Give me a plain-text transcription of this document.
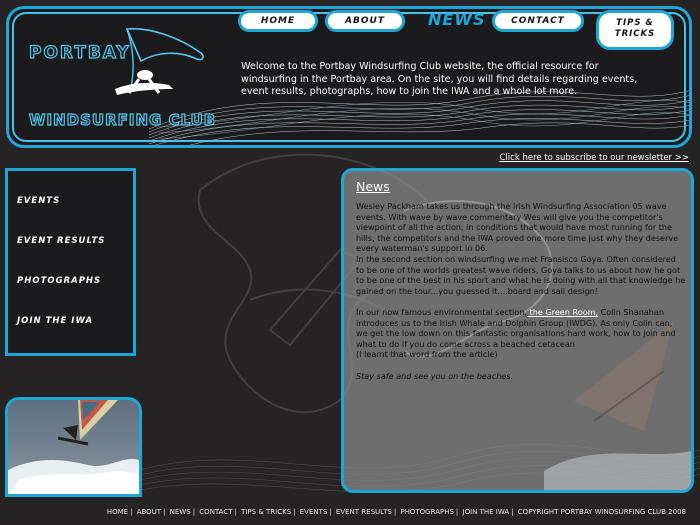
PORTBAY
WINDSURFING CLUB
Welcome to the Portbay Windsurfing Club website, the official resource for windsurfing in the Portbay area. On the site, you will find details regarding events, event results, photographs, how to join the IWA and a whole lot more.
HOME	ABOUT	NEWS	CONTACT	TIPS &
TRICKS
Click here to subscribe to our newsletter >>
EVENTS
EVENT RESULTS
PHOTOGRAPHS
JOIN THE IWA
News

Wesley Packham takes us through the Irish Windsurfing Association 05 wave events. With wave by wave commentary Wes will give you the competitor's viewpoint of all the action, in conditions that would have most running for the hills, the competitors and the IWA proved one more time just why they deserve every waterman's support in 06.

In the second section on windsurfing we met Fransisco Goya. Often considered to be one of the worlds greatest wave riders, Goya talks to us about how he got to be one of the best in his sport and what he is doing with all that knowledge he gained on the tour...you guessed it....board and sail design!

In our now famous environmental section, the Green Room, Colin Shanahan introduces us to the Irish Whale and Dolphin Group (IWDG). As only Colin can, we get the low down on this fantastic organisations hard work, how to join and what to do if you do come across a beached cetacean

(I learnt that word from the article)

Stay safe and see you on the beaches.

HOME | ABOUT | NEWS | CONTACT | TIPS & TRICKS | EVENTS | EVENT RESULTS | PHOTOGRAPHS | JOIN THE IWA | COPYRIGHT PORTBAY WINDSURFING CLUB 2008
